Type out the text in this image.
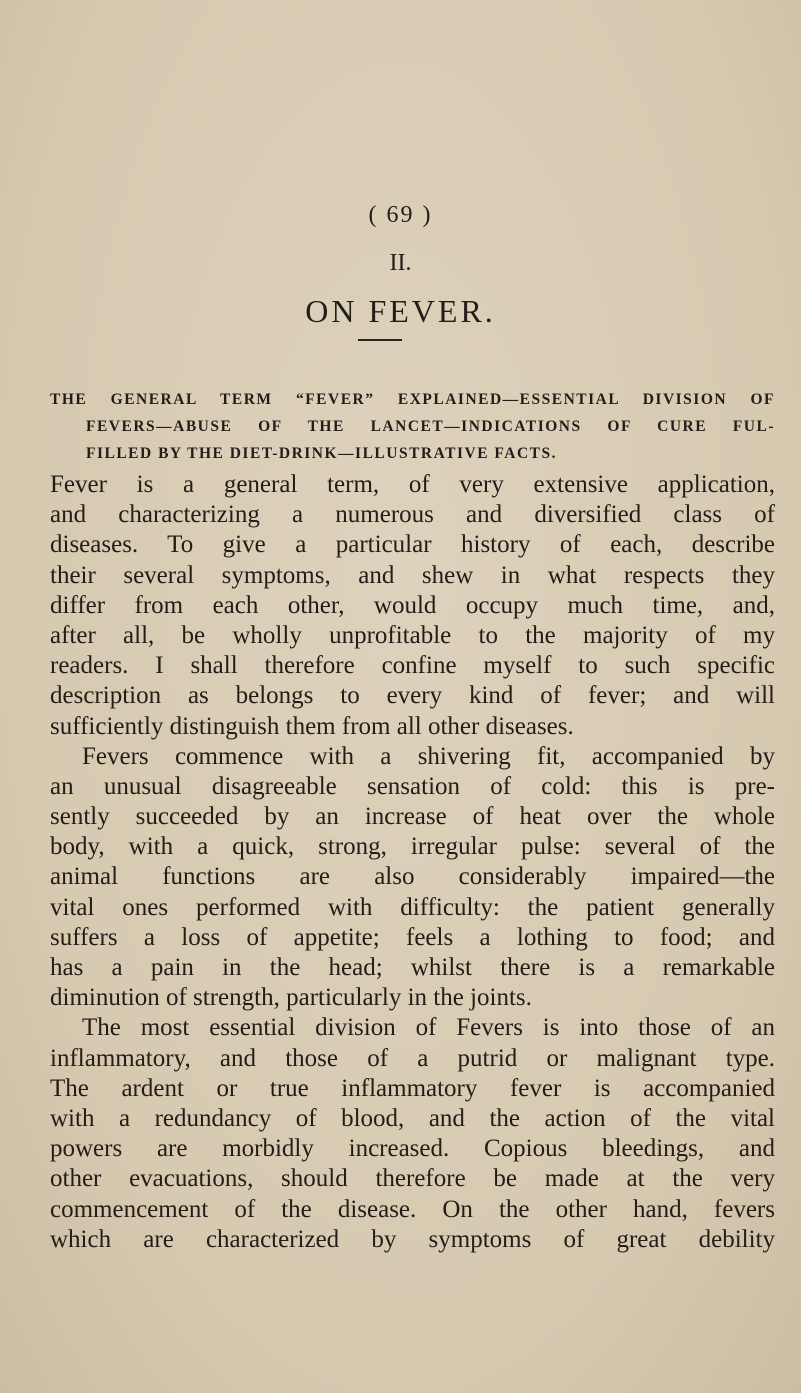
( 69 )
II.
ON FEVER.
THE GENERAL TERM “FEVER” EXPLAINED—ESSENTIAL DIVISION OF
FEVERS—ABUSE OF THE LANCET—INDICATIONS OF CURE FUL-
FILLED BY THE DIET-DRINK—ILLUSTRATIVE FACTS.
Fever is a general term, of very extensive application,
and characterizing a numerous and diversified class of
diseases. To give a particular history of each, describe
their several symptoms, and shew in what respects they
differ from each other, would occupy much time, and,
after all, be wholly unprofitable to the majority of my
readers. I shall therefore confine myself to such specific
description as belongs to every kind of fever; and will
sufficiently distinguish them from all other diseases.
Fevers commence with a shivering fit, accompanied by
an unusual disagreeable sensation of cold: this is pre-
sently succeeded by an increase of heat over the whole
body, with a quick, strong, irregular pulse: several of the
animal functions are also considerably impaired—the
vital ones performed with difficulty: the patient generally
suffers a loss of appetite; feels a lothing to food; and
has a pain in the head; whilst there is a remarkable
diminution of strength, particularly in the joints.
The most essential division of Fevers is into those of an
inflammatory, and those of a putrid or malignant type.
The ardent or true inflammatory fever is accompanied
with a redundancy of blood, and the action of the vital
powers are morbidly increased. Copious bleedings, and
other evacuations, should therefore be made at the very
commencement of the disease. On the other hand, fevers
which are characterized by symptoms of great debility
